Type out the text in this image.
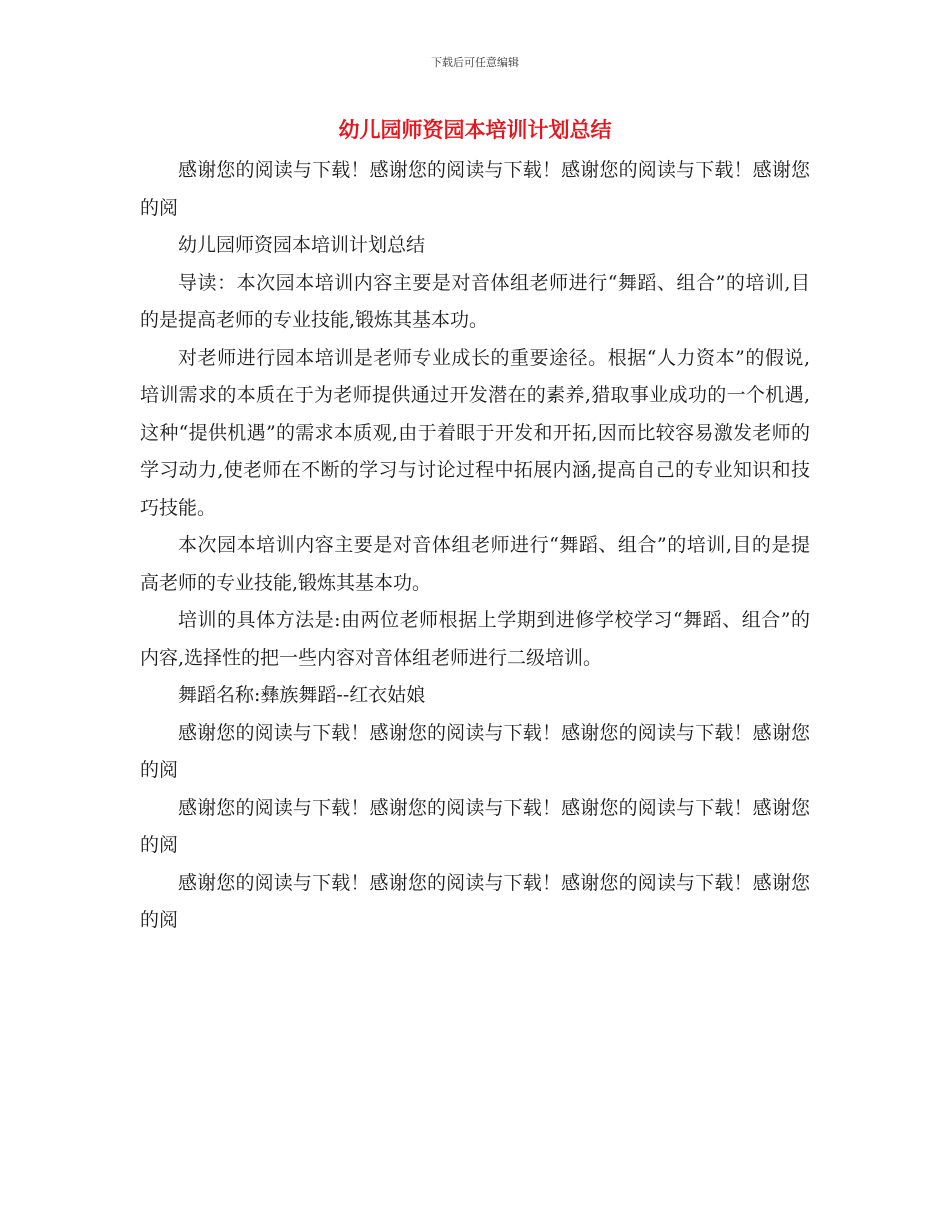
下载后可任意编辑
幼儿园师资园本培训计划总结

感谢您的阅读与下载！感谢您的阅读与下载！感谢您的阅读与下载！感谢您的阅

幼儿园师资园本培训计划总结

导读：本次园本培训内容主要是对音体组老师进行“舞蹈、组合”的培训,目的是提高老师的专业技能,锻炼其基本功。

对老师进行园本培训是老师专业成长的重要途径。根据“人力资本”的假说,培训需求的本质在于为老师提供通过开发潜在的素养,猎取事业成功的一个机遇,这种“提供机遇”的需求本质观,由于着眼于开发和开拓,因而比较容易激发老师的学习动力,使老师在不断的学习与讨论过程中拓展内涵,提高自己的专业知识和技巧技能。

本次园本培训内容主要是对音体组老师进行“舞蹈、组合”的培训,目的是提高老师的专业技能,锻炼其基本功。

培训的具体方法是:由两位老师根据上学期到进修学校学习“舞蹈、组合”的内容,选择性的把一些内容对音体组老师进行二级培训。

舞蹈名称:彝族舞蹈--红衣姑娘

感谢您的阅读与下载！感谢您的阅读与下载！感谢您的阅读与下载！感谢您的阅

感谢您的阅读与下载！感谢您的阅读与下载！感谢您的阅读与下载！感谢您的阅

感谢您的阅读与下载！感谢您的阅读与下载！感谢您的阅读与下载！感谢您的阅
